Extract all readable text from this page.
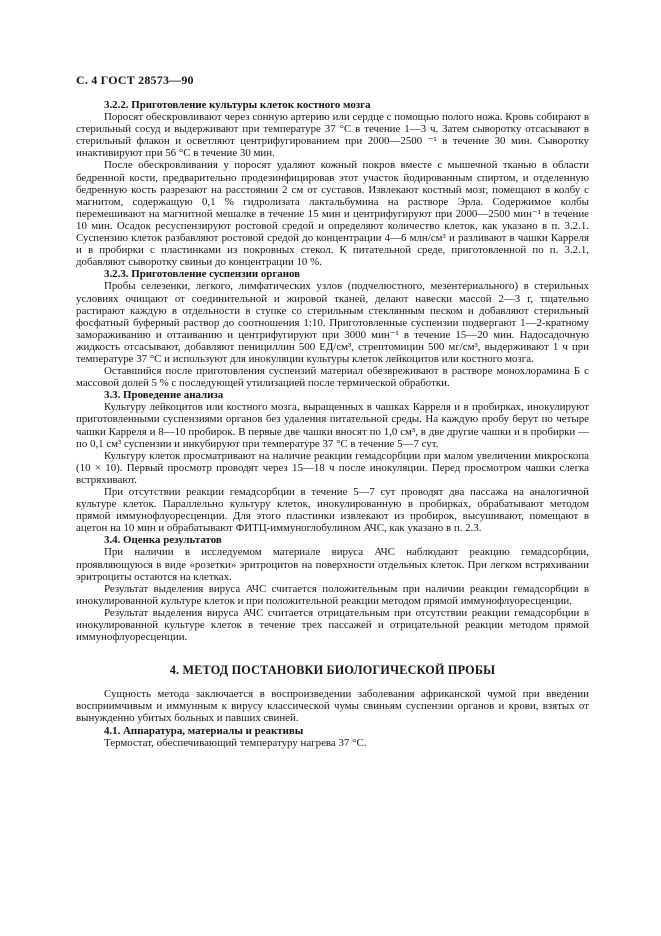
С. 4 ГОСТ 28573—90

3.2.2. Приготовление культуры клеток костного мозга

Поросят обескровливают через сонную артерию или сердце с помощью полого ножа. Кровь собирают в стерильный сосуд и выдерживают при температуре 37 °С в течение 1—3 ч. Затем сыворотку отсасывают в стерильный флакон и осветляют центрифугированием при 2000—2500 ⁻¹ в течение 30 мин. Сыворотку инактивируют при 56 °С в течение 30 мин.

После обескровливания у поросят удаляют кожный покров вместе с мышечной тканью в области бедренной кости, предварительно продезинфицировав этот участок йодированным спиртом, и отделенную бедренную кость разрезают на расстоянии 2 см от суставов. Извлекают костный мозг, помещают в колбу с магнитом, содержащую 0,1 % гидролизата лактальбумина на растворе Эрла. Содержимое колбы перемешивают на магнитной мешалке в течение 15 мин и центрифугируют при 2000—2500 мин⁻¹ в течение 10 мин. Осадок ресуспензируют ростовой средой и определяют количество клеток, как указано в п. 3.2.1. Суспензию клеток разбавляют ростовой средой до концентрации 4—6 млн/см³ и разливают в чашки Карреля и в пробирки с пластинками из покровных стекол. К питательной среде, приготовленной по п. 3.2.1, добавляют сыворотку свиньи до концентрации 10 %.

3.2.3. Приготовление суспензии органов

Пробы селезенки, легкого, лимфатических узлов (подчелюстного, мезентериального) в стерильных условиях очищают от соединительной и жировой тканей, делают навески массой 2—3 г, тщательно растирают каждую в отдельности в ступке со стерильным стеклянным песком и добавляют стерильный фосфатный буферный раствор до соотношения 1:10. Приготовленные суспензии подвергают 1—2-кратному замораживанию и оттаиванию и центрифугируют при 3000 мин⁻¹ в течение 15—20 мин. Надосадочную жидкость отсасывают, добавляют пенициллин 500 ЕД/см³, стрептомицин 500 мг/см³, выдерживают 1 ч при температуре 37 °С и используют для инокуляции культуры клеток лейкоцитов или костного мозга.

Оставшийся после приготовления суспензий материал обезвреживают в растворе монохлорамина Б с массовой долей 5 % с последующей утилизацией после термической обработки.

3.3. Проведение анализа

Культуру лейкоцитов или костного мозга, выращенных в чашках Карреля и в пробирках, инокулируют приготовленными суспензиями органов без удаления питательной среды. На каждую пробу берут по четыре чашки Карреля и 8—10 пробирок. В первые две чашки вносят по 1,0 см³, в две другие чашки и в пробирки — по 0,1 см³ суспензии и инкубируют при температуре 37 °С в течение 5—7 сут.

Культуру клеток просматривают на наличие реакции гемадсорбции при малом увеличении микроскопа (10 × 10). Первый просмотр проводят через 15—18 ч после инокуляции. Перед просмотром чашки слегка встряхивают.

При отсутствии реакции гемадсорбции в течение 5—7 сут проводят два пассажа на аналогичной культуре клеток. Параллельно культуру клеток, инокулированную в пробирках, обрабатывают методом прямой иммунофлуоресценции. Для этого пластинки извлекают из пробирок, высушивают, помещают в ацетон на 10 мин и обрабатывают ФИТЦ-иммуноглобулином АЧС, как указано в п. 2.3.

3.4. Оценка результатов

При наличии в исследуемом материале вируса АЧС наблюдают реакцию гемадсорбции, проявляющуюся в виде «розетки» эритроцитов на поверхности отдельных клеток. При легком встряхивании эритроциты остаются на клетках.

Результат выделения вируса АЧС считается положительным при наличии реакции гемадсорбции в инокулированной культуре клеток и при положительной реакции методом прямой иммунофлуоресценции.

Результат выделения вируса АЧС считается отрицательным при отсутствии реакции гемадсорбции в инокулированной культуре клеток в течение трех пассажей и отрицательной реакции методом прямой иммунофлуоресценции.

4. МЕТОД ПОСТАНОВКИ БИОЛОГИЧЕСКОЙ ПРОБЫ

Сущность метода заключается в воспроизведении заболевания африканской чумой при введении восприимчивым и иммунным к вирусу классической чумы свиньям суспензии органов и крови, взятых от вынужденно убитых больных и павших свиней.

4.1. Аппаратура, материалы и реактивы

Термостат, обеспечивающий температуру нагрева 37 °С.
